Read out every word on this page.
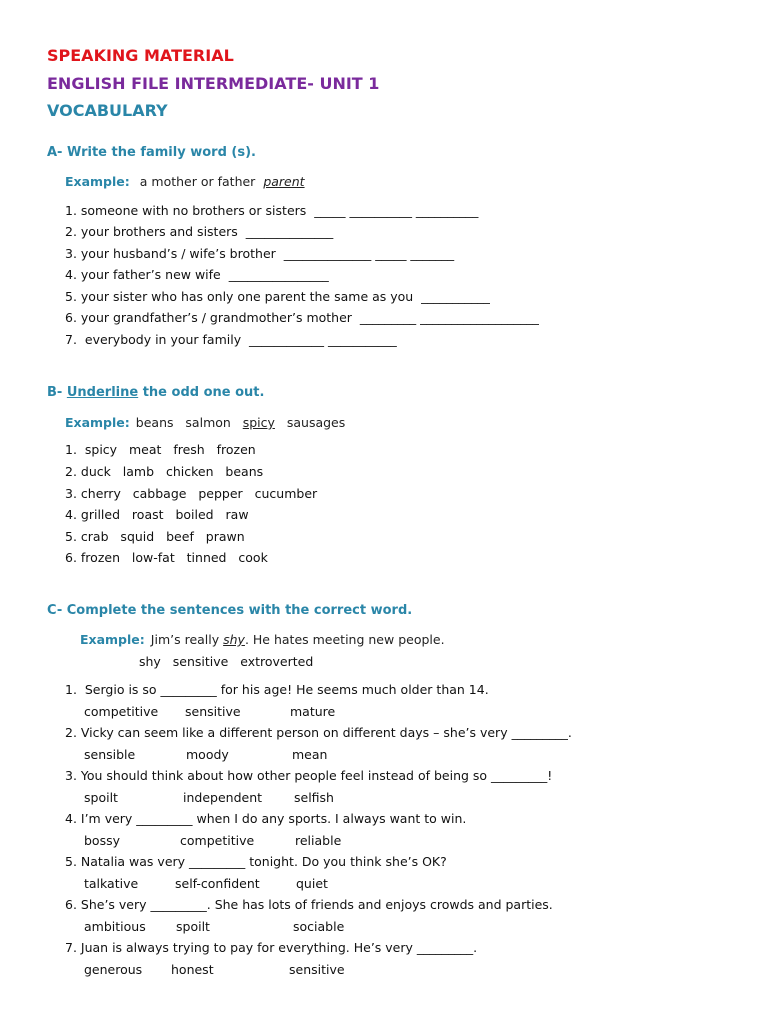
SPEAKING MATERIAL
ENGLISH FILE INTERMEDIATE- UNIT 1
VOCABULARY
A- Write the family word (s).
Example: a mother or father parent
1. someone with no brothers or sisters  _____ __________ __________
2. your brothers and sisters  ______________
3. your husband’s / wife’s brother  ______________ _____ _______
4. your father’s new wife  ________________
5. your sister who has only one parent the same as you  ___________
6. your grandfather’s / grandmother’s mother  _________ ___________________
7.  everybody in your family  ____________ ___________
B- Underline the odd one out.
Example: beans   salmon   spicy   sausages
1.  spicy   meat   fresh   frozen
2. duck   lamb   chicken   beans
3. cherry   cabbage   pepper   cucumber
4. grilled   roast   boiled   raw
5. crab   squid   beef   prawn
6. frozen   low-fat   tinned   cook
C- Complete the sentences with the correct word.
Example: Jim’s really shy. He hates meeting new people.
shy   sensitive   extroverted
1.  Sergio is so _________ for his age! He seems much older than 14.
competitive sensitive	mature
2. Vicky can seem like a different person on different days – she’s very _________.
sensible	moody	mean
3. You should think about how other people feel instead of being so _________!
spoilt	independent	selfish
4. I’m very _________ when I do any sports. I always want to win.
bossy	competitive	reliable
5. Natalia was very _________ tonight. Do you think she’s OK?
talkative	self-confident	quiet
6. She’s very _________. She has lots of friends and enjoys crowds and parties.
ambitious spoilt	sociable
7. Juan is always trying to pay for everything. He’s very _________.
generous honest	sensitive
